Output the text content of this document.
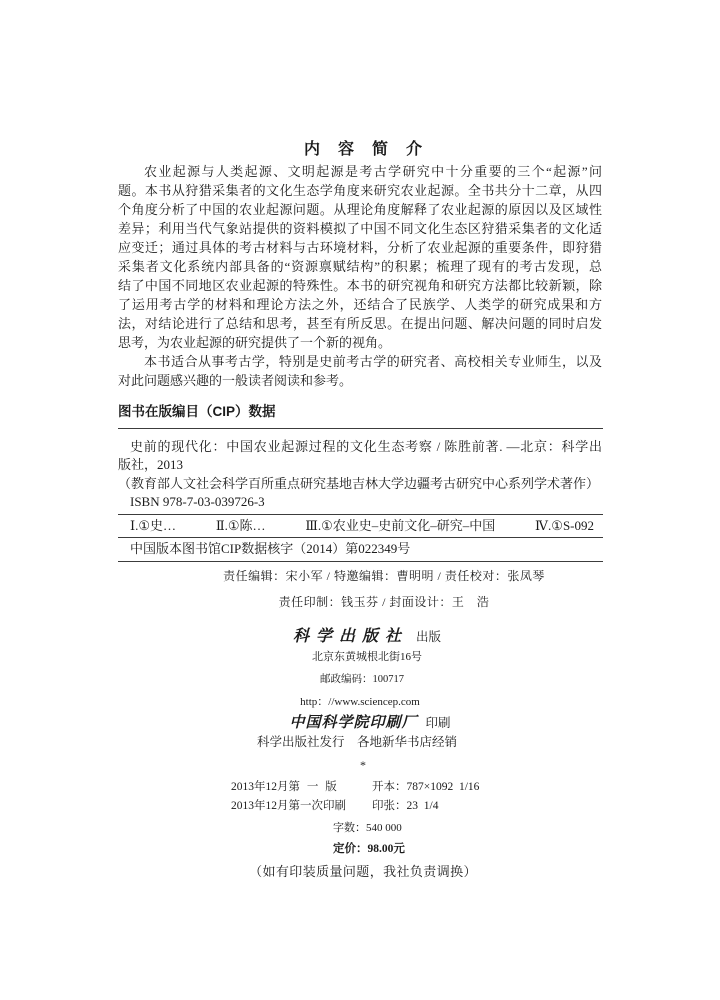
内 容 简 介
农业起源与人类起源、文明起源是考古学研究中十分重要的三个“起源”问
题。本书从狩猎采集者的文化生态学角度来研究农业起源。全书共分十二章，从四
个角度分析了中国的农业起源问题。从理论角度解释了农业起源的原因以及区域性
差异；利用当代气象站提供的资料模拟了中国不同文化生态区狩猎采集者的文化适
应变迁；通过具体的考古材料与古环境材料，分析了农业起源的重要条件，即狩猎
采集者文化系统内部具备的“资源禀赋结构”的积累；梳理了现有的考古发现，总
结了中国不同地区农业起源的特殊性。本书的研究视角和研究方法都比较新颖，除
了运用考古学的材料和理论方法之外，还结合了民族学、人类学的研究成果和方
法，对结论进行了总结和思考，甚至有所反思。在提出问题、解决问题的同时启发
思考，为农业起源的研究提供了一个新的视角。
本书适合从事考古学，特别是史前考古学的研究者、高校相关专业师生，以及
对此问题感兴趣的一般读者阅读和参考。
图书在版编目（CIP）数据
史前的现代化：中国农业起源过程的文化生态考察 / 陈胜前著. —北京：科学出
版社，2013
（教育部人文社会科学百所重点研究基地吉林大学边疆考古研究中心系列学术著作）
ISBN 978-7-03-039726-3
Ⅰ.①史…	Ⅱ.①陈…	Ⅲ.①农业史–史前文化–研究–中国	Ⅳ.①S-092
中国版本图书馆CIP数据核字（2014）第022349号
责任编辑：宋小军 / 特邀编辑：曹明明 / 责任校对：张凤琴
责任印制：钱玉芬 / 封面设计：王　浩
科学出版社 出版
北京东黄城根北街16号
邮政编码：100717
http：//www.sciencep.com
中国科学院印刷厂 印刷
科学出版社发行　各地新华书店经销
*
2013年12月第 一 版	开本：787×1092  1/16
2013年12月第一次印刷 印张：23  1/4
字数：540 000
定价：98.00元
（如有印装质量问题，我社负责调换）
